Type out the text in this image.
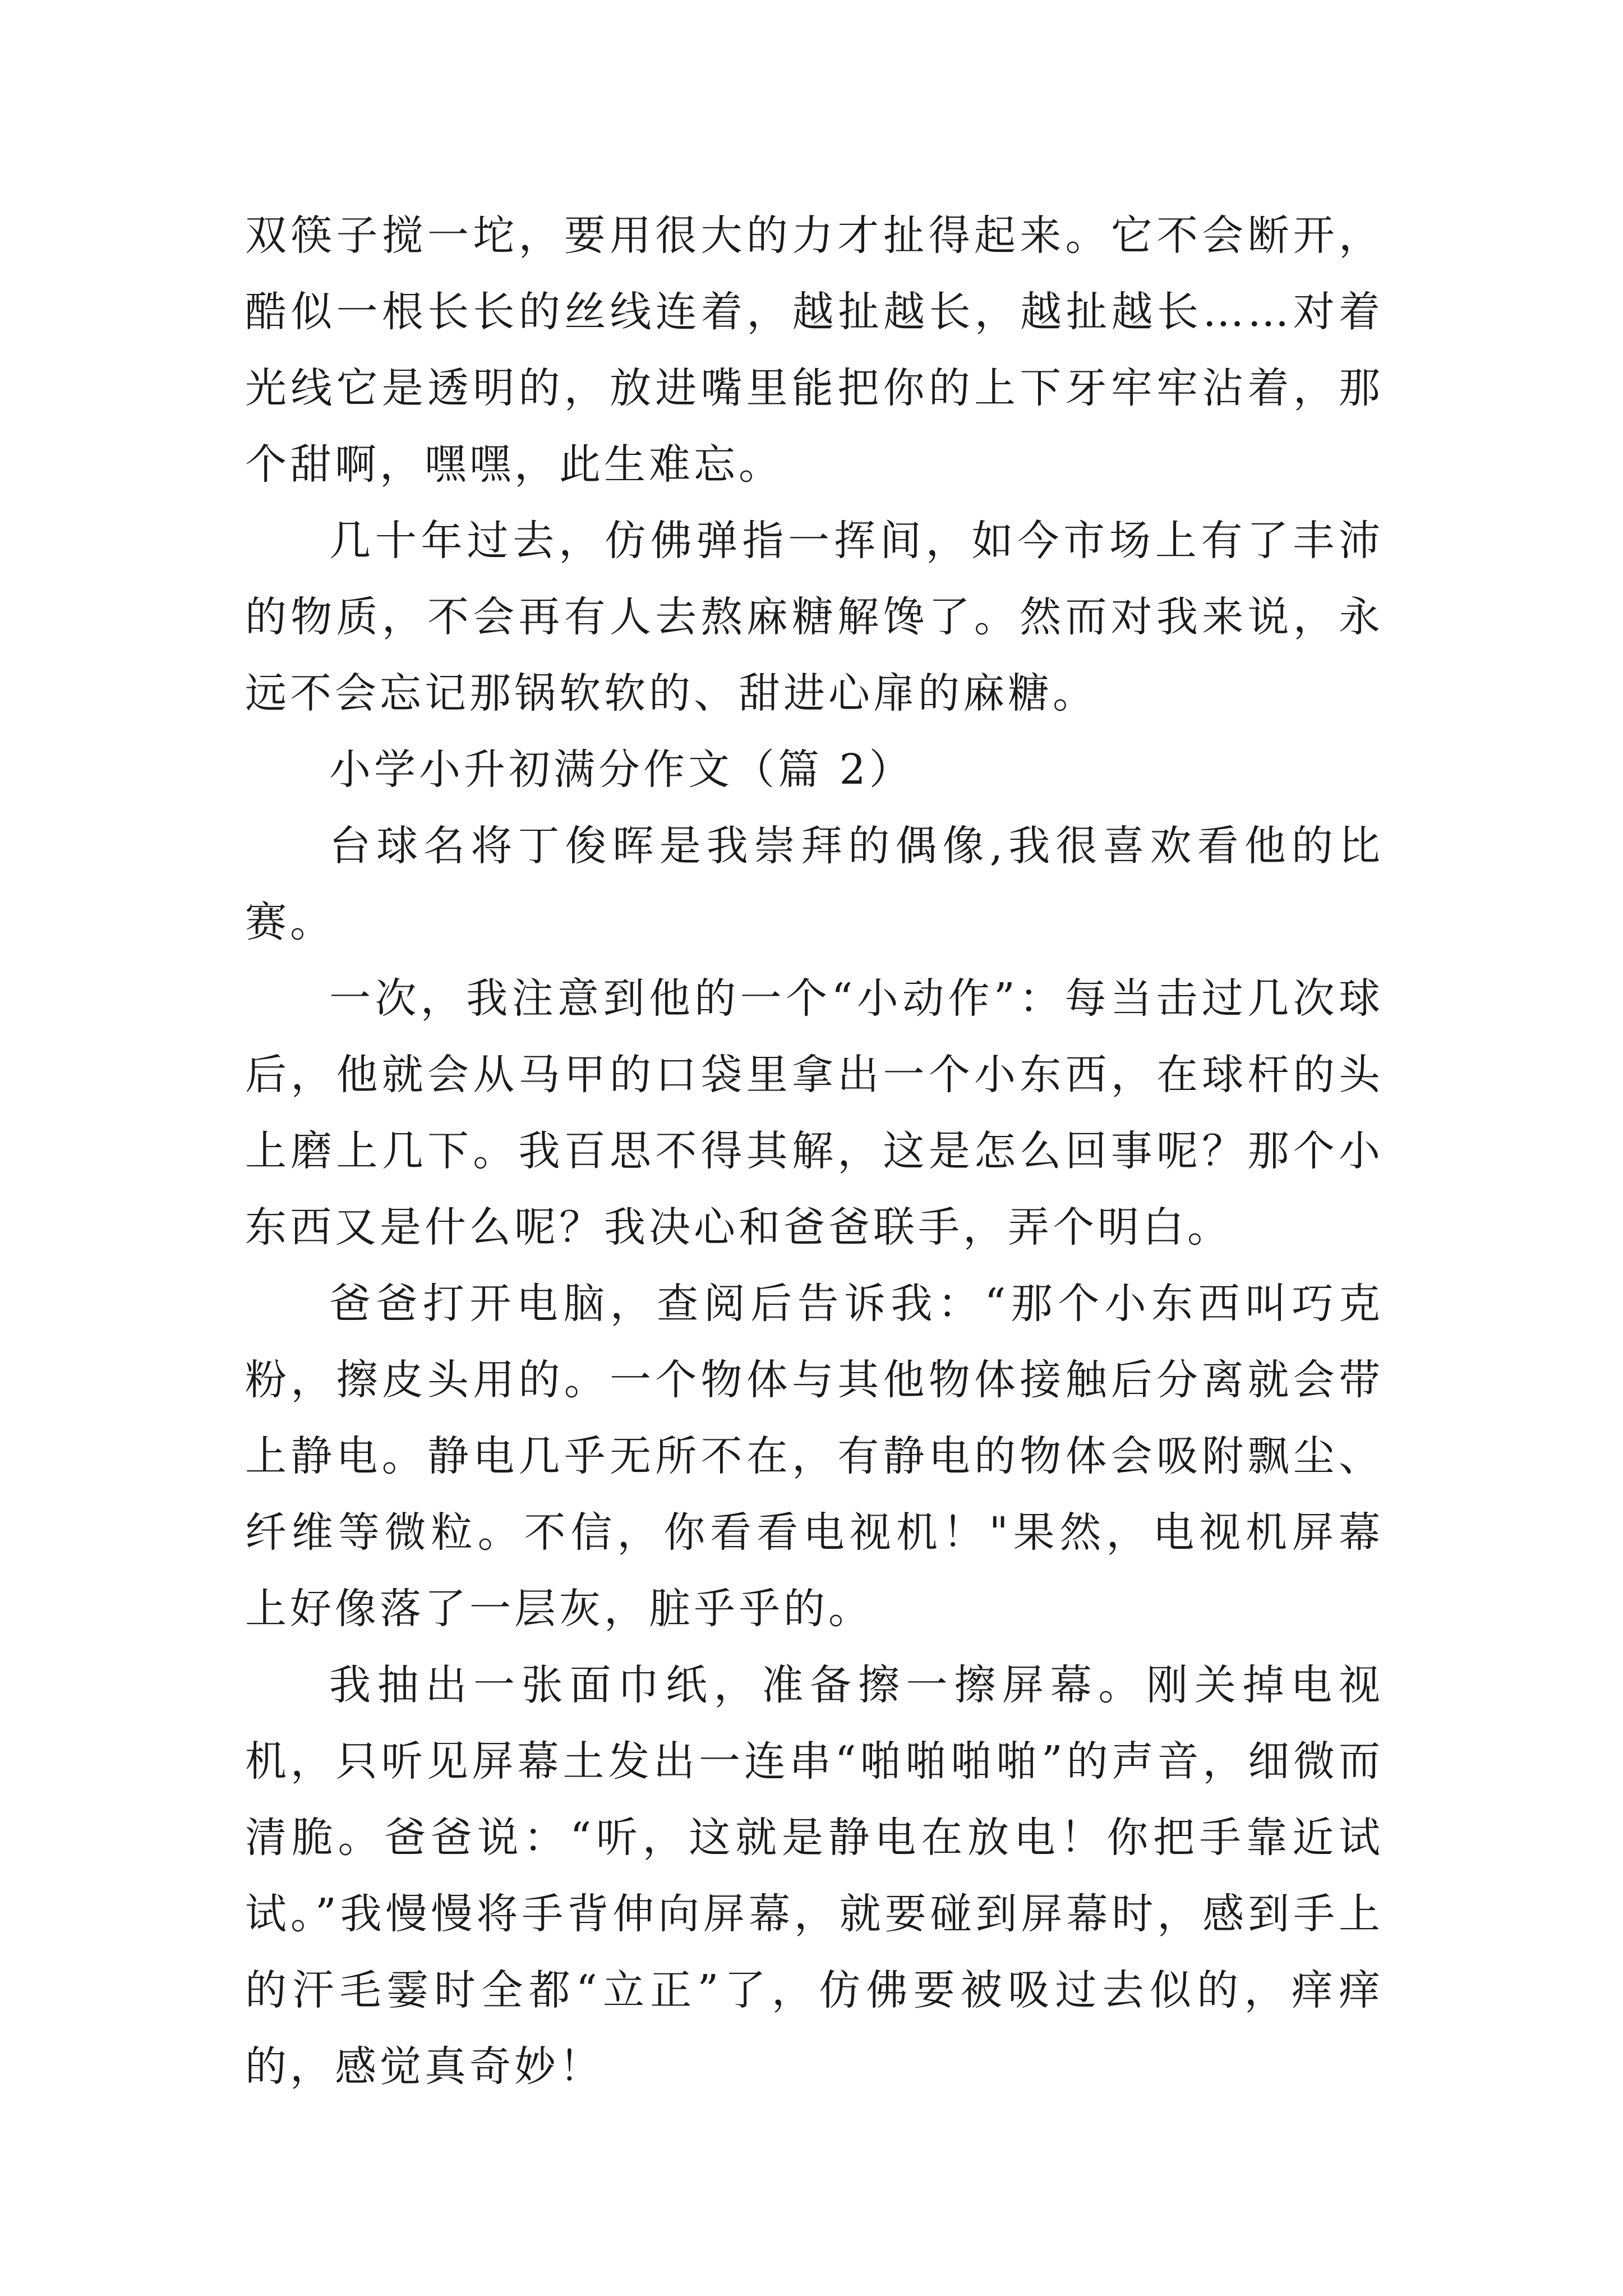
双筷子搅一坨，要用很大的力才扯得起来。它不会断开，酷似一根长长的丝线连着，越扯越长，越扯越长……对着光线它是透明的，放进嘴里能把你的上下牙牢牢沾着，那个甜啊，嘿嘿，此生难忘。

几十年过去，仿佛弹指一挥间，如今市场上有了丰沛的物质，不会再有人去熬麻糖解馋了。然而对我来说，永远不会忘记那锅软软的、甜进心扉的麻糖。

小学小升初满分作文（篇 2）

台球名将丁俊晖是我崇拜的偶像,我很喜欢看他的比赛。

一次，我注意到他的一个“小动作”：每当击过几次球后，他就会从马甲的口袋里拿出一个小东西，在球杆的头上磨上几下。我百思不得其解，这是怎么回事呢？那个小东西又是什么呢？我决心和爸爸联手，弄个明白。

爸爸打开电脑，查阅后告诉我：“那个小东西叫巧克粉，擦皮头用的。一个物体与其他物体接触后分离就会带上静电。静电几乎无所不在，有静电的物体会吸附飘尘、纤维等微粒。不信，你看看电视机！"果然，电视机屏幕上好像落了一层灰，脏乎乎的。

我抽出一张面巾纸，准备擦一擦屏幕。刚关掉电视机，只听见屏幕土发出一连串“啪啪啪啪”的声音，细微而清脆。爸爸说：“听，这就是静电在放电！你把手靠近试试。”我慢慢将手背伸向屏幕，就要碰到屏幕时，感到手上的汗毛霎时全都“立正”了，仿佛要被吸过去似的，痒痒的，感觉真奇妙！
